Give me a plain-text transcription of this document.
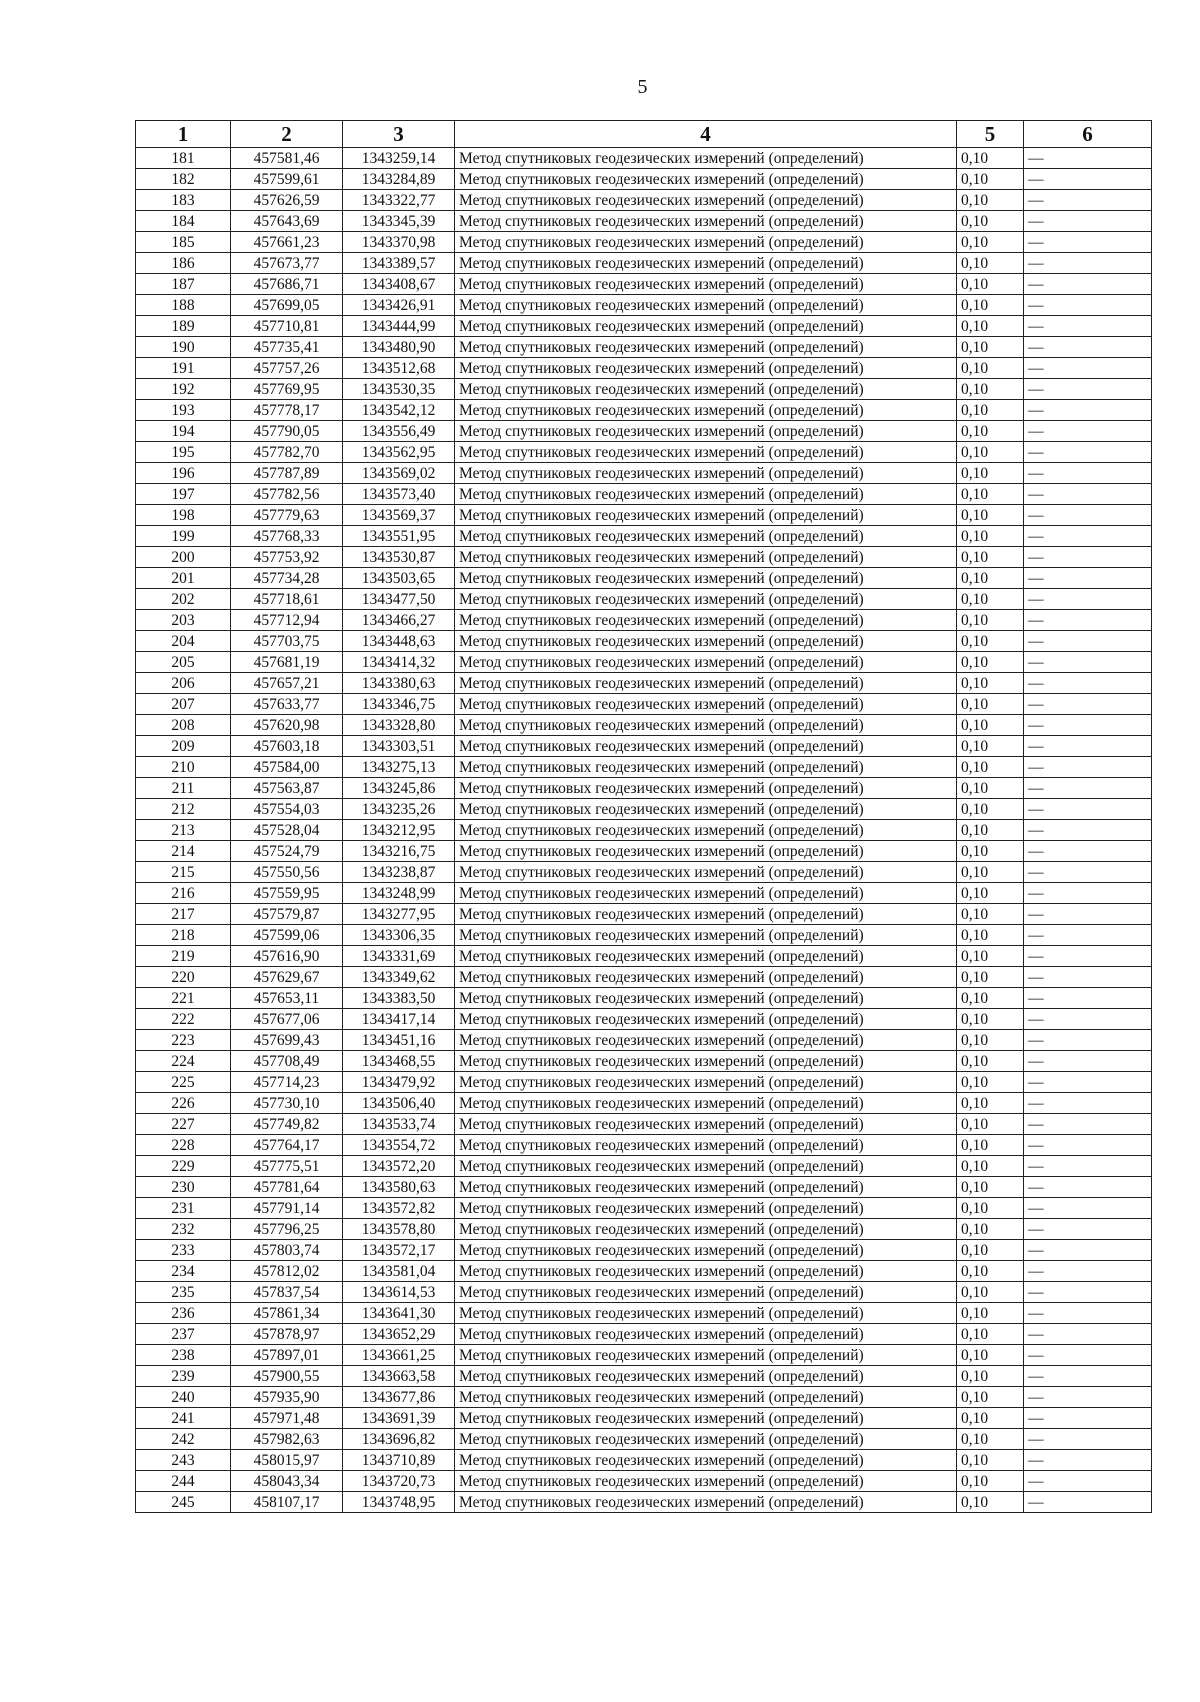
5
1	2	3	4	5	6
181	457581,46	1343259,14	Метод спутниковых геодезических измерений (определений)	0,10	—
182	457599,61	1343284,89	Метод спутниковых геодезических измерений (определений)	0,10	—
183	457626,59	1343322,77	Метод спутниковых геодезических измерений (определений)	0,10	—
184	457643,69	1343345,39	Метод спутниковых геодезических измерений (определений)	0,10	—
185	457661,23	1343370,98	Метод спутниковых геодезических измерений (определений)	0,10	—
186	457673,77	1343389,57	Метод спутниковых геодезических измерений (определений)	0,10	—
187	457686,71	1343408,67	Метод спутниковых геодезических измерений (определений)	0,10	—
188	457699,05	1343426,91	Метод спутниковых геодезических измерений (определений)	0,10	—
189	457710,81	1343444,99	Метод спутниковых геодезических измерений (определений)	0,10	—
190	457735,41	1343480,90	Метод спутниковых геодезических измерений (определений)	0,10	—
191	457757,26	1343512,68	Метод спутниковых геодезических измерений (определений)	0,10	—
192	457769,95	1343530,35	Метод спутниковых геодезических измерений (определений)	0,10	—
193	457778,17	1343542,12	Метод спутниковых геодезических измерений (определений)	0,10	—
194	457790,05	1343556,49	Метод спутниковых геодезических измерений (определений)	0,10	—
195	457782,70	1343562,95	Метод спутниковых геодезических измерений (определений)	0,10	—
196	457787,89	1343569,02	Метод спутниковых геодезических измерений (определений)	0,10	—
197	457782,56	1343573,40	Метод спутниковых геодезических измерений (определений)	0,10	—
198	457779,63	1343569,37	Метод спутниковых геодезических измерений (определений)	0,10	—
199	457768,33	1343551,95	Метод спутниковых геодезических измерений (определений)	0,10	—
200	457753,92	1343530,87	Метод спутниковых геодезических измерений (определений)	0,10	—
201	457734,28	1343503,65	Метод спутниковых геодезических измерений (определений)	0,10	—
202	457718,61	1343477,50	Метод спутниковых геодезических измерений (определений)	0,10	—
203	457712,94	1343466,27	Метод спутниковых геодезических измерений (определений)	0,10	—
204	457703,75	1343448,63	Метод спутниковых геодезических измерений (определений)	0,10	—
205	457681,19	1343414,32	Метод спутниковых геодезических измерений (определений)	0,10	—
206	457657,21	1343380,63	Метод спутниковых геодезических измерений (определений)	0,10	—
207	457633,77	1343346,75	Метод спутниковых геодезических измерений (определений)	0,10	—
208	457620,98	1343328,80	Метод спутниковых геодезических измерений (определений)	0,10	—
209	457603,18	1343303,51	Метод спутниковых геодезических измерений (определений)	0,10	—
210	457584,00	1343275,13	Метод спутниковых геодезических измерений (определений)	0,10	—
211	457563,87	1343245,86	Метод спутниковых геодезических измерений (определений)	0,10	—
212	457554,03	1343235,26	Метод спутниковых геодезических измерений (определений)	0,10	—
213	457528,04	1343212,95	Метод спутниковых геодезических измерений (определений)	0,10	—
214	457524,79	1343216,75	Метод спутниковых геодезических измерений (определений)	0,10	—
215	457550,56	1343238,87	Метод спутниковых геодезических измерений (определений)	0,10	—
216	457559,95	1343248,99	Метод спутниковых геодезических измерений (определений)	0,10	—
217	457579,87	1343277,95	Метод спутниковых геодезических измерений (определений)	0,10	—
218	457599,06	1343306,35	Метод спутниковых геодезических измерений (определений)	0,10	—
219	457616,90	1343331,69	Метод спутниковых геодезических измерений (определений)	0,10	—
220	457629,67	1343349,62	Метод спутниковых геодезических измерений (определений)	0,10	—
221	457653,11	1343383,50	Метод спутниковых геодезических измерений (определений)	0,10	—
222	457677,06	1343417,14	Метод спутниковых геодезических измерений (определений)	0,10	—
223	457699,43	1343451,16	Метод спутниковых геодезических измерений (определений)	0,10	—
224	457708,49	1343468,55	Метод спутниковых геодезических измерений (определений)	0,10	—
225	457714,23	1343479,92	Метод спутниковых геодезических измерений (определений)	0,10	—
226	457730,10	1343506,40	Метод спутниковых геодезических измерений (определений)	0,10	—
227	457749,82	1343533,74	Метод спутниковых геодезических измерений (определений)	0,10	—
228	457764,17	1343554,72	Метод спутниковых геодезических измерений (определений)	0,10	—
229	457775,51	1343572,20	Метод спутниковых геодезических измерений (определений)	0,10	—
230	457781,64	1343580,63	Метод спутниковых геодезических измерений (определений)	0,10	—
231	457791,14	1343572,82	Метод спутниковых геодезических измерений (определений)	0,10	—
232	457796,25	1343578,80	Метод спутниковых геодезических измерений (определений)	0,10	—
233	457803,74	1343572,17	Метод спутниковых геодезических измерений (определений)	0,10	—
234	457812,02	1343581,04	Метод спутниковых геодезических измерений (определений)	0,10	—
235	457837,54	1343614,53	Метод спутниковых геодезических измерений (определений)	0,10	—
236	457861,34	1343641,30	Метод спутниковых геодезических измерений (определений)	0,10	—
237	457878,97	1343652,29	Метод спутниковых геодезических измерений (определений)	0,10	—
238	457897,01	1343661,25	Метод спутниковых геодезических измерений (определений)	0,10	—
239	457900,55	1343663,58	Метод спутниковых геодезических измерений (определений)	0,10	—
240	457935,90	1343677,86	Метод спутниковых геодезических измерений (определений)	0,10	—
241	457971,48	1343691,39	Метод спутниковых геодезических измерений (определений)	0,10	—
242	457982,63	1343696,82	Метод спутниковых геодезических измерений (определений)	0,10	—
243	458015,97	1343710,89	Метод спутниковых геодезических измерений (определений)	0,10	—
244	458043,34	1343720,73	Метод спутниковых геодезических измерений (определений)	0,10	—
245	458107,17	1343748,95	Метод спутниковых геодезических измерений (определений)	0,10	—
